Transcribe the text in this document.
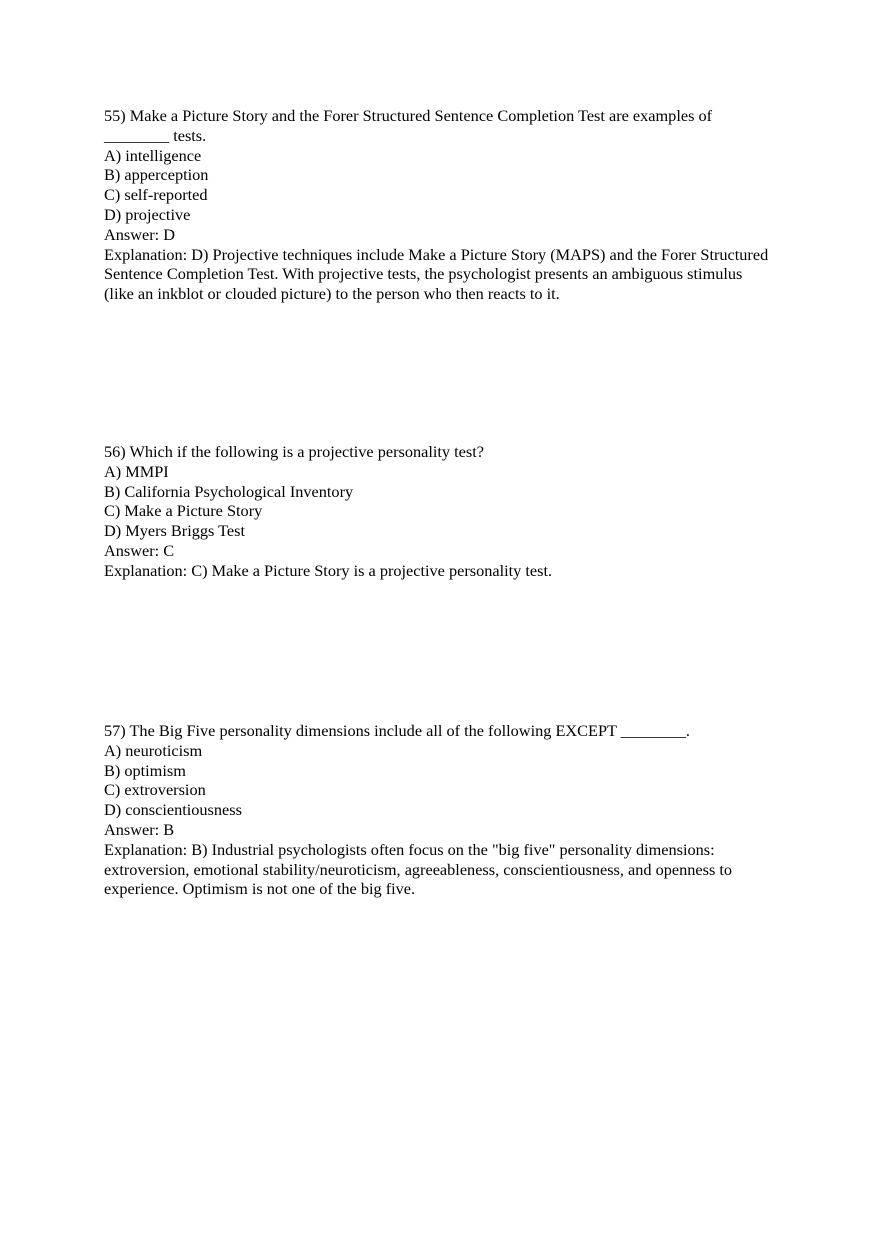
55) Make a Picture Story and the Forer Structured Sentence Completion Test are examples of
________ tests.
A) intelligence
B) apperception
C) self-reported
D) projective
Answer: D
Explanation: D) Projective techniques include Make a Picture Story (MAPS) and the Forer Structured Sentence Completion Test. With projective tests, the psychologist presents an ambiguous stimulus (like an inkblot or clouded picture) to the person who then reacts to it.
56) Which if the following is a projective personality test?
A) MMPI
B) California Psychological Inventory
C) Make a Picture Story
D) Myers Briggs Test
Answer: C
Explanation: C) Make a Picture Story is a projective personality test.
57) The Big Five personality dimensions include all of the following EXCEPT ________.
A) neuroticism
B) optimism
C) extroversion
D) conscientiousness
Answer: B
Explanation: B) Industrial psychologists often focus on the "big five" personality dimensions: extroversion, emotional stability/neuroticism, agreeableness, conscientiousness, and openness to experience. Optimism is not one of the big five.
